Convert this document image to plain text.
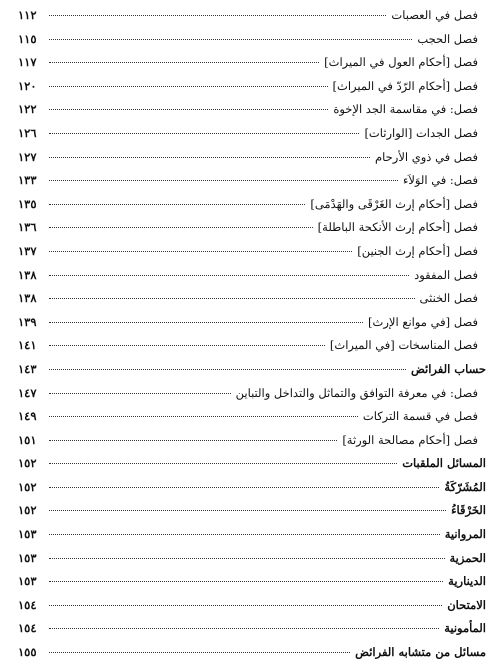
فصل في العصبات
١١٢
فصل الحجب
١١٥
فصل [أحكام العول في الميراث]
١١٧
فصل [أحكام الرّدّ في الميراث]
١٢٠
فصل: في مقاسمة الجد الإخوة
١٢٢
فصل الجدات [الوارثات]
١٢٦
فصل في ذوي الأرحام
١٢٧
فصل: في الوَلاَء
١٣٣
فصل [أحكام إرث الغَرْقَى والهَدْمَى]
١٣٥
فصل [أحكام إرث الأنكحة الباطلة]
١٣٦
فصل [أحكام إرث الجنين]
١٣٧
فصل المفقود
١٣٨
فصل الخنثى
١٣٨
فصل [في موانع الإرث]
١٣٩
فصل المناسخات [في الميراث]
١٤١
حساب الفرائض
١٤٣
فصل: في معرفة التوافق والتماثل والتداخل والتباين
١٤٧
فصل في قسمة التركات
١٤٩
فصل [أحكام مصالحة الورثة]
١٥١
المسائل الملقبات
١٥٢
المُشَرّكَةُ
١٥٢
الخَرْقَاءُ
١٥٢
المروانية
١٥٣
الحمزية
١٥٣
الدينارية
١٥٣
الامتحان
١٥٤
المأمونية
١٥٤
مسائل من متشابه الفرائض
١٥٥
